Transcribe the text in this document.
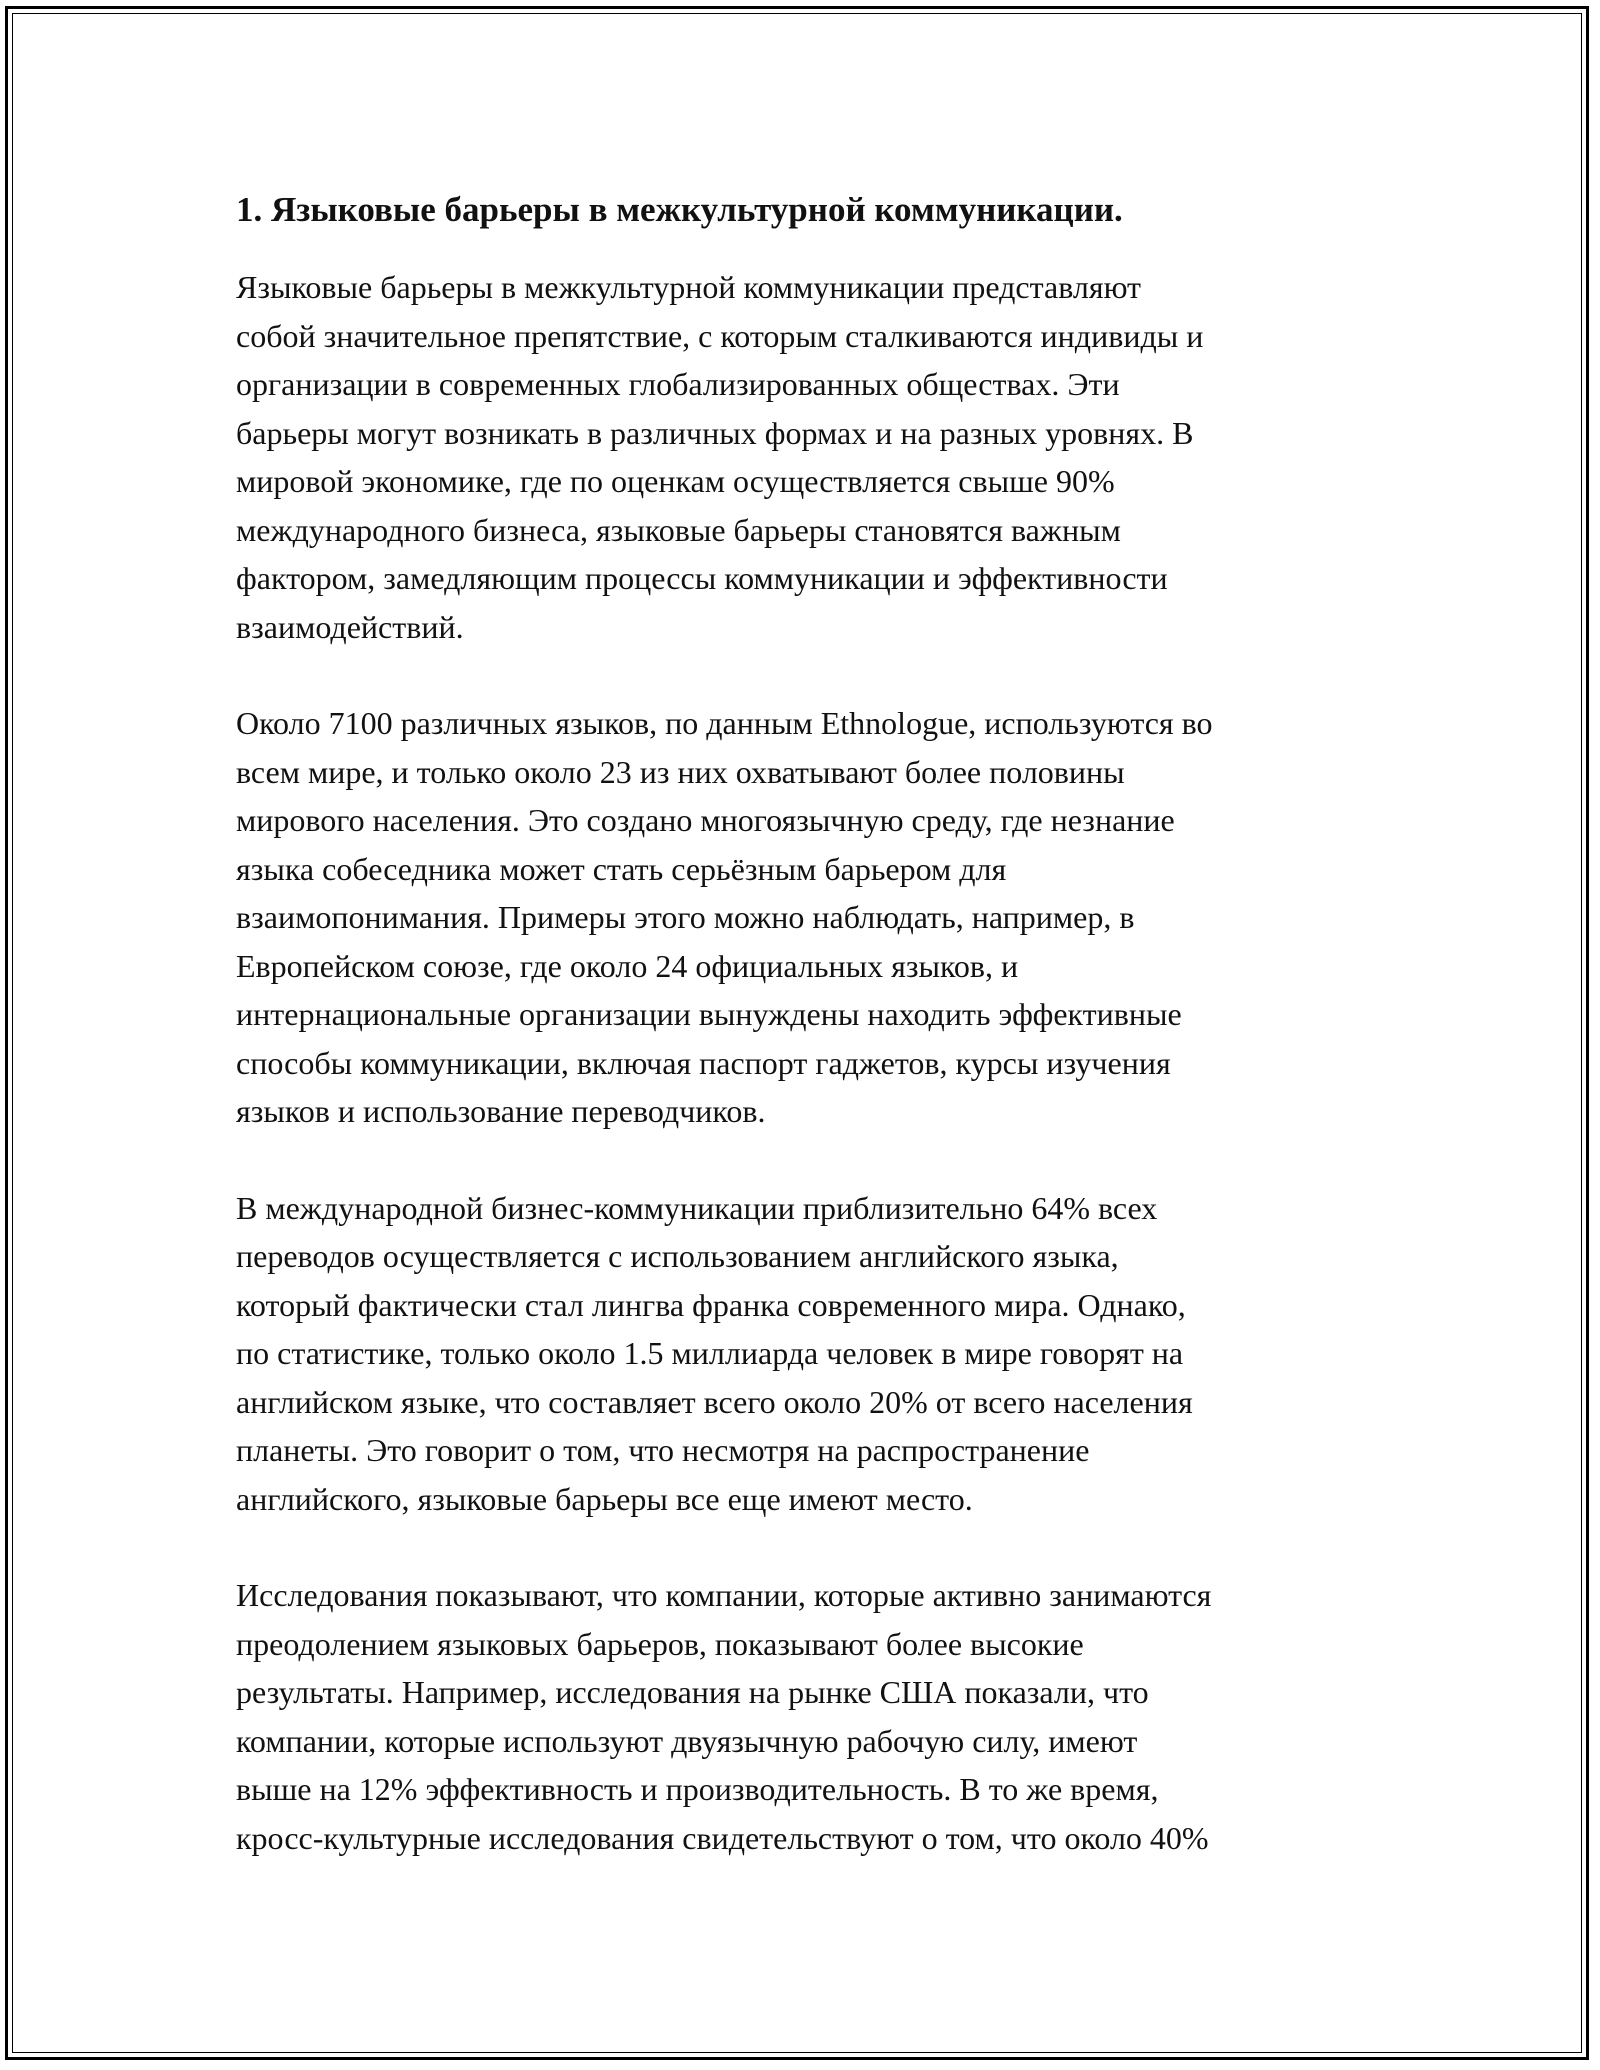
1. Языковые барьеры в межкультурной коммуникации.

Языковые барьеры в межкультурной коммуникации представляют
собой значительное препятствие, с которым сталкиваются индивиды и
организации в современных глобализированных обществах. Эти
барьеры могут возникать в различных формах и на разных уровнях. В
мировой экономике, где по оценкам осуществляется свыше 90%
международного бизнеса, языковые барьеры становятся важным
фактором, замедляющим процессы коммуникации и эффективности
взаимодействий.

Около 7100 различных языков, по данным Ethnologue, используются во
всем мире, и только около 23 из них охватывают более половины
мирового населения. Это создано многоязычную среду, где незнание
языка собеседника может стать серьёзным барьером для
взаимопонимания. Примеры этого можно наблюдать, например, в
Европейском союзе, где около 24 официальных языков, и
интернациональные организации вынуждены находить эффективные
способы коммуникации, включая паспорт гаджетов, курсы изучения
языков и использование переводчиков.

В международной бизнес-коммуникации приблизительно 64% всех
переводов осуществляется с использованием английского языка,
который фактически стал лингва франка современного мира. Однако,
по статистике, только около 1.5 миллиарда человек в мире говорят на
английском языке, что составляет всего около 20% от всего населения
планеты. Это говорит о том, что несмотря на распространение
английского, языковые барьеры все еще имеют место.

Исследования показывают, что компании, которые активно занимаются
преодолением языковых барьеров, показывают более высокие
результаты. Например, исследования на рынке США показали, что
компании, которые используют двуязычную рабочую силу, имеют
выше на 12% эффективность и производительность. В то же время,
кросс-культурные исследования свидетельствуют о том, что около 40%
